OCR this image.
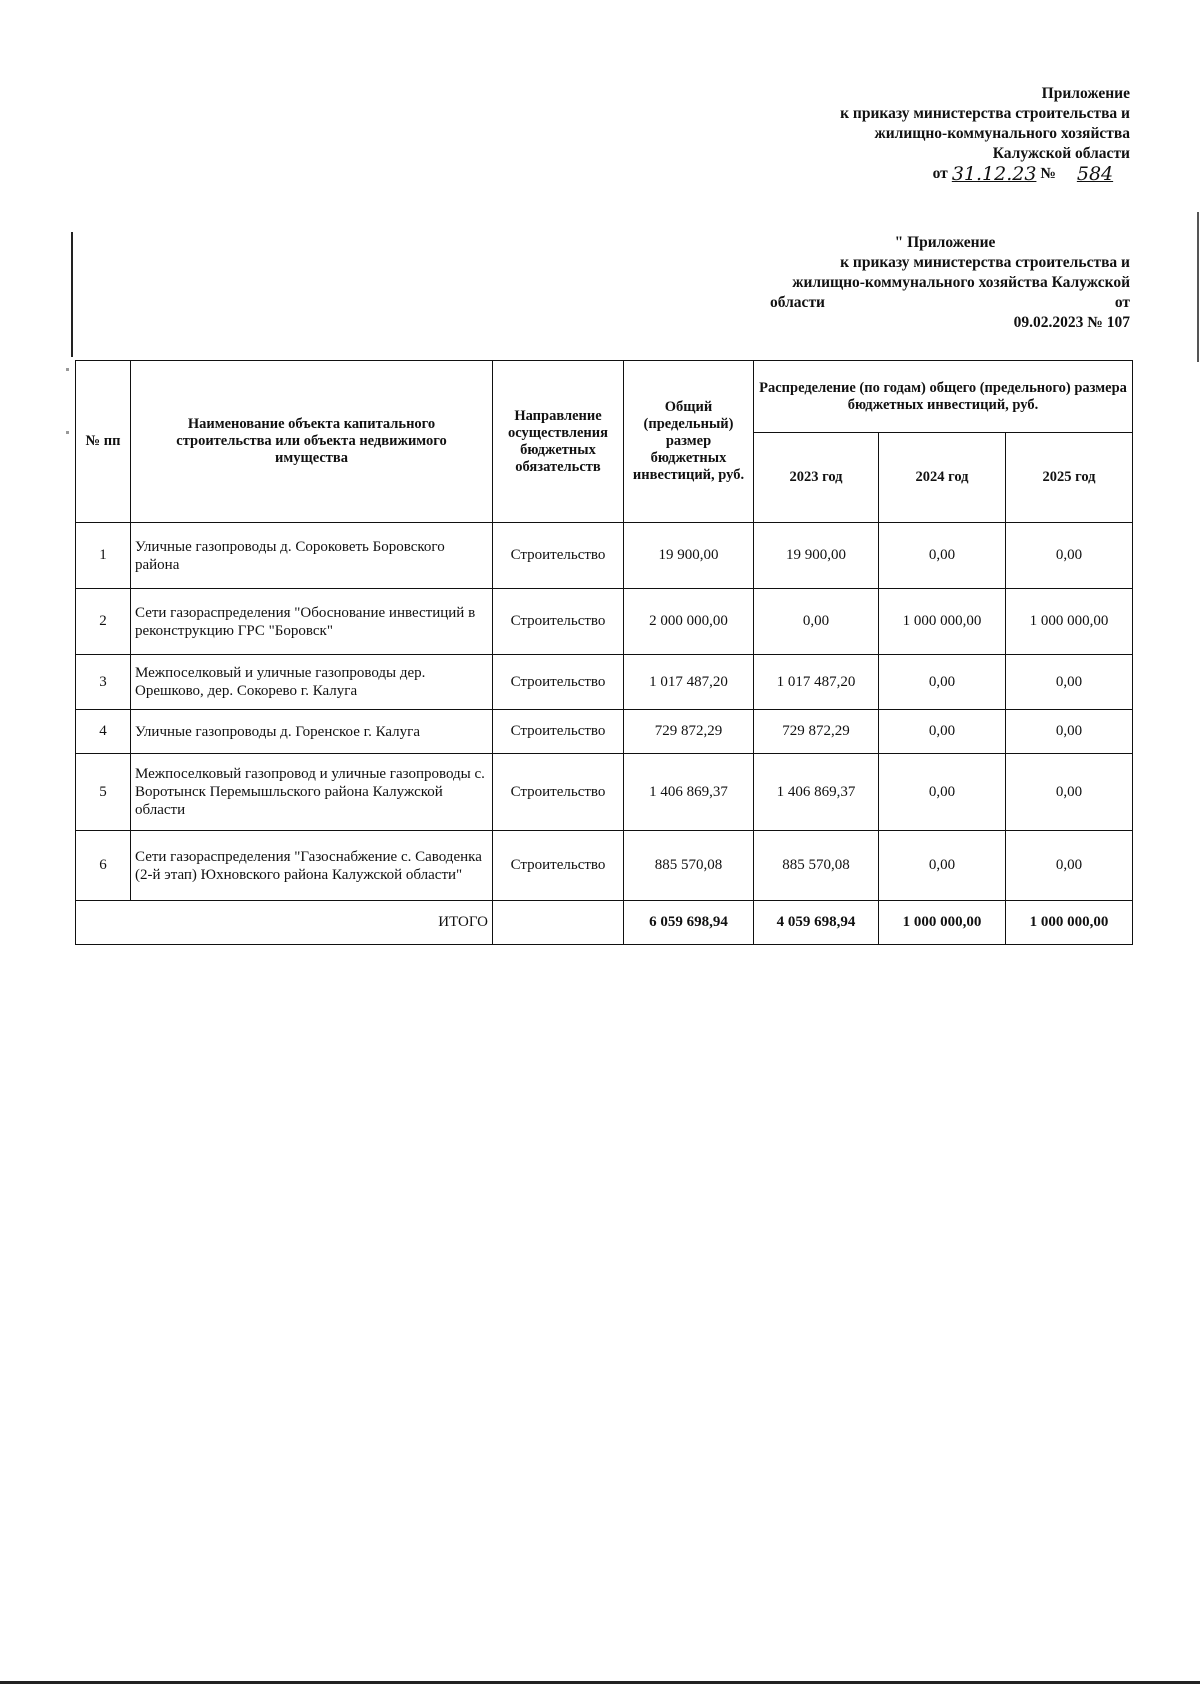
Приложение
к приказу министерства строительства и
жилищно-коммунального хозяйства
Калужской области
от 31.12.23 №	584
" Приложение
к приказу министерства строительства и
жилищно-коммунального хозяйства Калужской
области	от
09.02.2023 № 107
№ пп	Наименование объекта капитального строительства или объекта недвижимого имущества	Направление осуществления бюджетных обязательств	Общий (предельный) размер бюджетных инвестиций, руб.	Распределение (по годам) общего (предельного) размера бюджетных инвестиций, руб.		
				2023 год	2024 год	2025 год
1	Уличные газопроводы д. Сороковеть Боровского района	Строительство	19 900,00	19 900,00	0,00	0,00
2	Сети газораспределения "Обоснование инвестиций в реконструкцию ГРС "Боровск"	Строительство	2 000 000,00	0,00	1 000 000,00	1 000 000,00
3	Межпоселковый и уличные газопроводы дер. Орешково, дер. Сокорево г. Калуга	Строительство	1 017 487,20	1 017 487,20	0,00	0,00
4	Уличные газопроводы д. Горенское г. Калуга	Строительство	729 872,29	729 872,29	0,00	0,00
5	Межпоселковый газопровод и уличные газопроводы с. Воротынск Перемышльского района Калужской области	Строительство	1 406 869,37	1 406 869,37	0,00	0,00
6	Сети газораспределения "Газоснабжение с. Саводенка (2-й этап) Юхновского района Калужской области"	Строительство	885 570,08	885 570,08	0,00	0,00
ИТОГО			6 059 698,94	4 059 698,94	1 000 000,00	1 000 000,00
